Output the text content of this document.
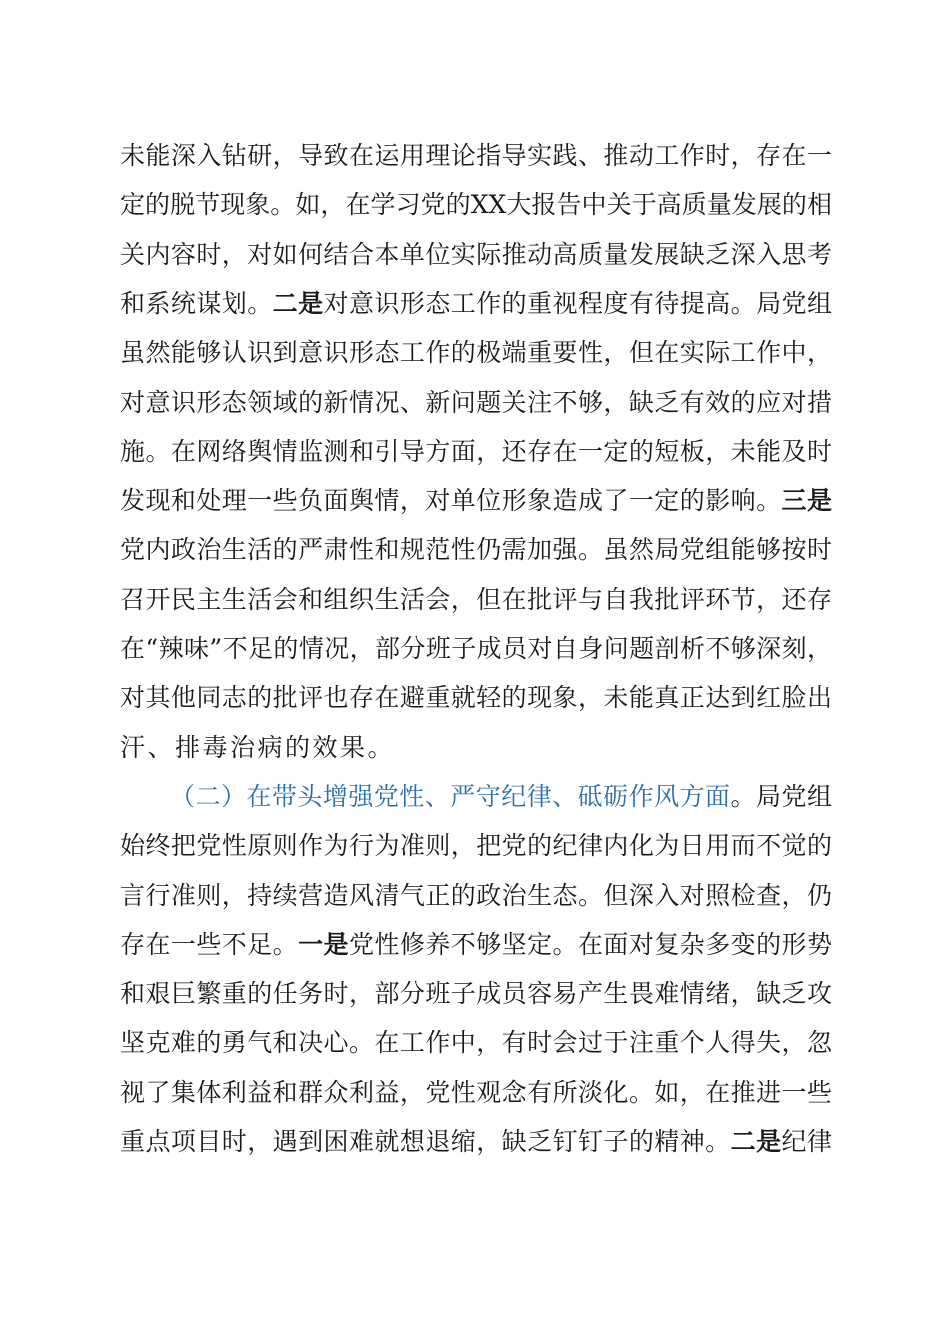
未能深入钻研，导致在运用理论指导实践、推动工作时，存在一
定的脱节现象。如，在学习党的XX大报告中关于高质量发展的相
关内容时，对如何结合本单位实际推动高质量发展缺乏深入思考
和系统谋划。二是对意识形态工作的重视程度有待提高。局党组
虽然能够认识到意识形态工作的极端重要性，但在实际工作中，
对意识形态领域的新情况、新问题关注不够，缺乏有效的应对措
施。在网络舆情监测和引导方面，还存在一定的短板，未能及时
发现和处理一些负面舆情，对单位形象造成了一定的影响。三是
党内政治生活的严肃性和规范性仍需加强。虽然局党组能够按时
召开民主生活会和组织生活会，但在批评与自我批评环节，还存
在“辣味”不足的情况，部分班子成员对自身问题剖析不够深刻，
对其他同志的批评也存在避重就轻的现象，未能真正达到红脸出
汗、排毒治病的效果。
（二）在带头增强党性、严守纪律、砥砺作风方面。局党组
始终把党性原则作为行为准则，把党的纪律内化为日用而不觉的
言行准则，持续营造风清气正的政治生态。但深入对照检查，仍
存在一些不足。一是党性修养不够坚定。在面对复杂多变的形势
和艰巨繁重的任务时，部分班子成员容易产生畏难情绪，缺乏攻
坚克难的勇气和决心。在工作中，有时会过于注重个人得失，忽
视了集体利益和群众利益，党性观念有所淡化。如，在推进一些
重点项目时，遇到困难就想退缩，缺乏钉钉子的精神。二是纪律
